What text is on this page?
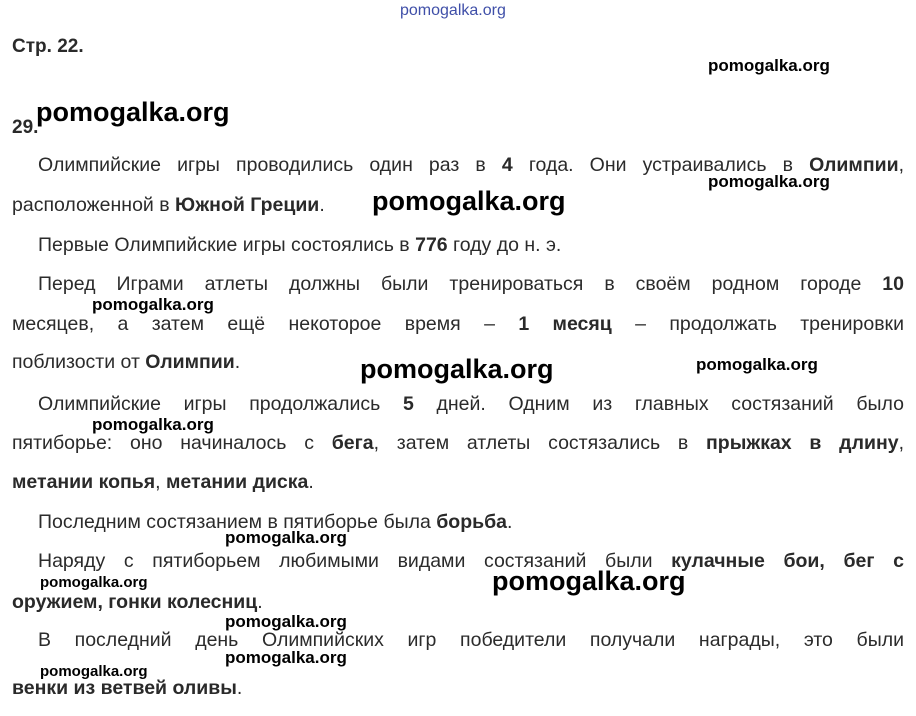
pomogalka.org
pomogalka.org
pomogalka.org
pomogalka.org
pomogalka.org
pomogalka.org
pomogalka.org	pomogalka.org
pomogalka.org
pomogalka.org
pomogalka.org	pomogalka.org
pomogalka.org
pomogalka.org
pomogalka.org
Стр. 22.
29.
Олимпийские игры проводились один раз в 4 года. Они устраивались в Олимпии,
расположенной в Южной Греции.
Первые Олимпийские игры состоялись в 776 году до н. э.
Перед Играми атлеты должны были тренироваться в своём родном городе 10
месяцев, а затем ещё некоторое время – 1 месяц – продолжать тренировки
поблизости от Олимпии.
Олимпийские игры продолжались 5 дней. Одним из главных состязаний было
пятиборье: оно начиналось с бега, затем атлеты состязались в прыжках в длину,
метании копья, метании диска.
Последним состязанием в пятиборье была борьба.
Наряду с пятиборьем любимыми видами состязаний были кулачные бои, бег с
оружием, гонки колесниц.
В последний день Олимпийских игр победители получали награды, это были
венки из ветвей оливы.
